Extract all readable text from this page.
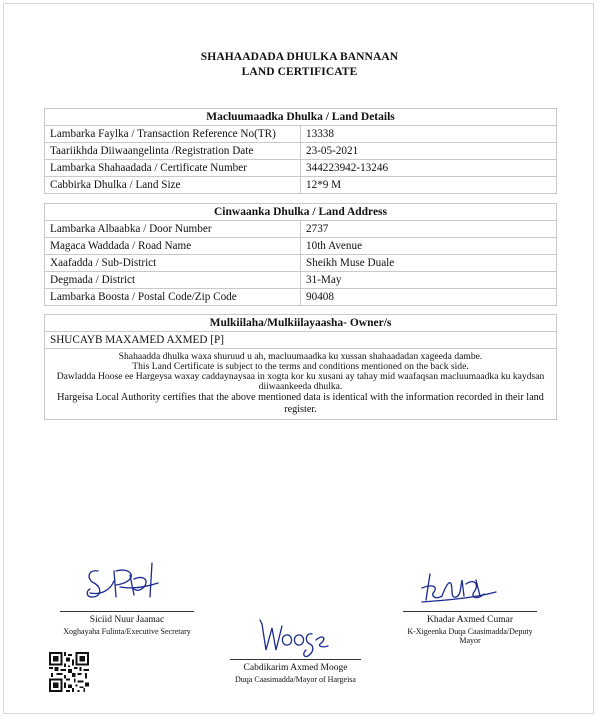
SHAHAADADA DHULKA BANNAAN
LAND CERTIFICATE
Macluumaadka Dhulka / Land Details	
Lambarka Faylka / Transaction Reference No(TR)	13338
Taariikhda Diiwaangelinta /Registration Date	23-05-2021
Lambarka Shahaadada / Certificate Number	344223942-13246
Cabbirka Dhulka / Land Size	12*9 M
Cinwaanka Dhulka / Land Address	
Lambarka Albaabka / Door Number	2737
Magaca Waddada / Road Name	10th Avenue
Xaafadda / Sub-District	Sheikh Muse Duale
Degmada / District	31-May
Lambarka Boosta / Postal Code/Zip Code	90408
Mulkiilaha/Mulkiilayaasha- Owner/s
SHUCAYB MAXAMED AXMED [P]

Shahaadda dhulka waxa shuruud u ah, macluumaadka ku xussan shahaadadan xageeda dambe.
This Land Certificate is subject to the terms and conditions mentioned on the back side.
Dawladda Hoose ee Hargeysa waxay caddaynaysaa in xogta kor ku xusani ay tahay mid waafaqsan macluumaadka ku kaydsan diiwaankeeda dhulka.
Hargeisa Local Authority certifies that the above mentioned data is identical with the information recorded in their land register.
Siciid Nuur Jaamac
Xoghayaha Fulinta/Executive Secretary
Khadar Axmed Cumar
K-Xigeenka Duqa Caasimadda/Deputy Mayor
Cabdikarim Axmed Mooge
Duqa Caasimadda/Mayor of Hargeisa
